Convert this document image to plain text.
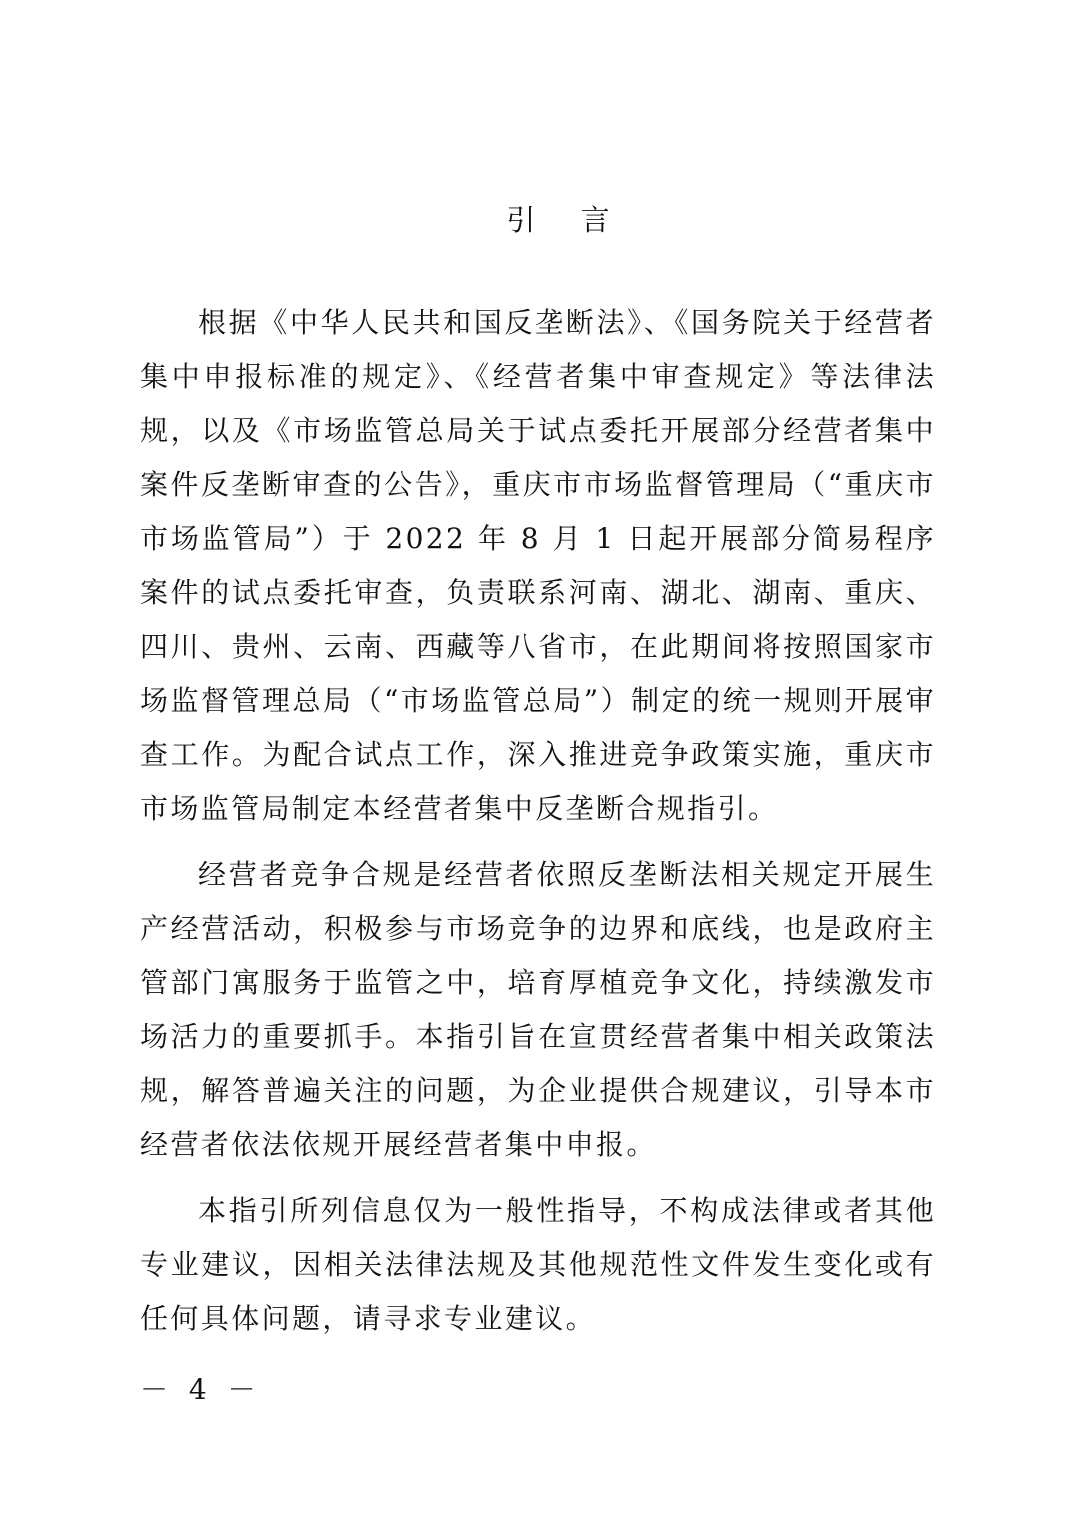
引 言

根据《中华人民共和国反垄断法》、《国务院关于经营者集中申报标准的规定》、《经营者集中审查规定》等法律法规，以及《市场监管总局关于试点委托开展部分经营者集中案件反垄断审查的公告》，重庆市市场监督管理局（“重庆市市场监管局”）于 2022 年 8 月 1 日起开展部分简易程序案件的试点委托审查，负责联系河南、湖北、湖南、重庆、四川、贵州、云南、西藏等八省市，在此期间将按照国家市场监督管理总局（“市场监管总局”）制定的统一规则开展审查工作。为配合试点工作，深入推进竞争政策实施，重庆市市场监管局制定本经营者集中反垄断合规指引。

经营者竞争合规是经营者依照反垄断法相关规定开展生产经营活动，积极参与市场竞争的边界和底线，也是政府主管部门寓服务于监管之中，培育厚植竞争文化，持续激发市场活力的重要抓手。本指引旨在宣贯经营者集中相关政策法规，解答普遍关注的问题，为企业提供合规建议，引导本市经营者依法依规开展经营者集中申报。

本指引所列信息仅为一般性指导，不构成法律或者其他专业建议，因相关法律法规及其他规范性文件发生变化或有任何具体问题，请寻求专业建议。

－ 4 －
